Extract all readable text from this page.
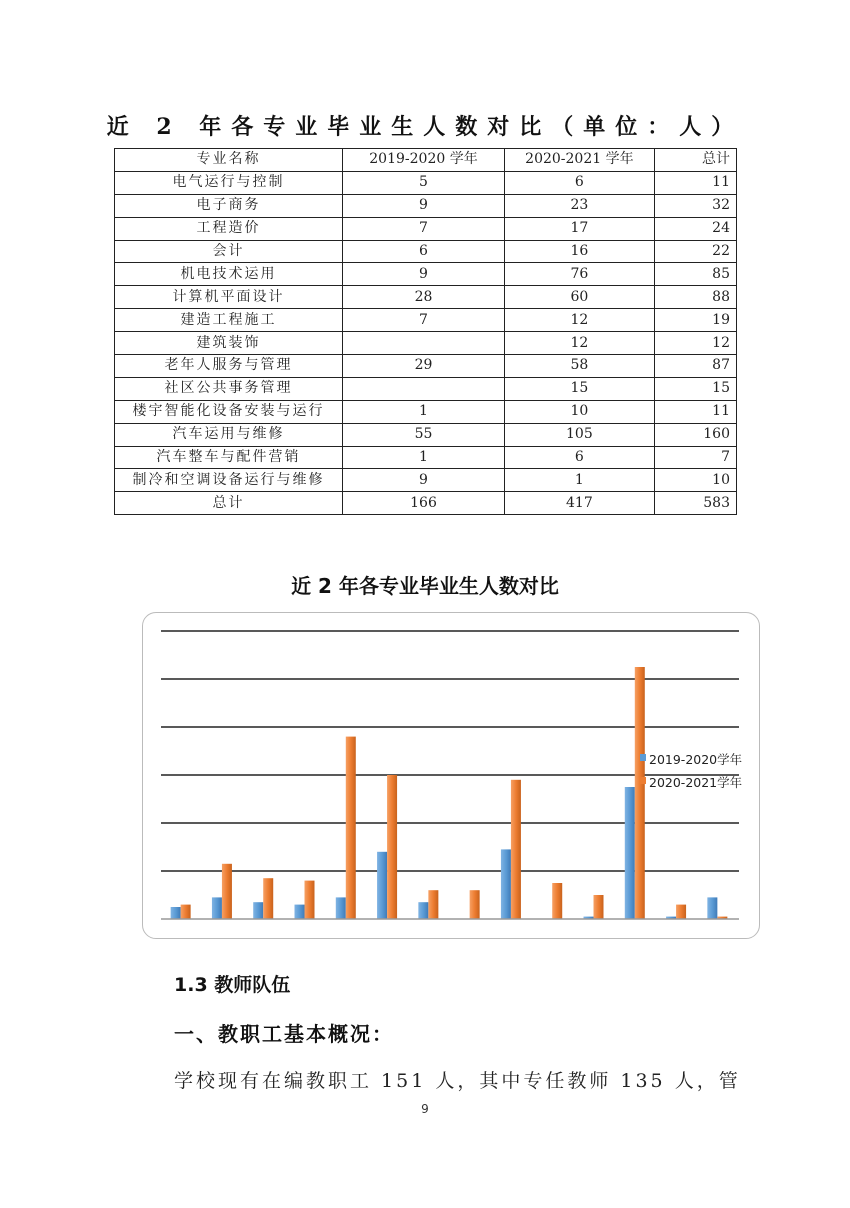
近 2 年各专业毕业生人数对比（单位：人）
专业名称	2019-2020 学年	2020-2021 学年	总计
电气运行与控制	5	6	11
电子商务	9	23	32
工程造价	7	17	24
会计	6	16	22
机电技术运用	9	76	85
计算机平面设计	28	60	88
建造工程施工	7	12	19
建筑装饰		12	12
老年人服务与管理	29	58	87
社区公共事务管理		15	15
楼宇智能化设备安装与运行	1	10	11
汽车运用与维修	55	105	160
汽车整车与配件营销	1	6	7
制冷和空调设备运行与维修	9	1	10
总计	166	417	583
近 2 年各专业毕业生人数对比
2019-2020学年
2020-2021学年
1.3 教师队伍
一、教职工基本概况：
学校现有在编教职工 151 人，其中专任教师 135 人，管
9
